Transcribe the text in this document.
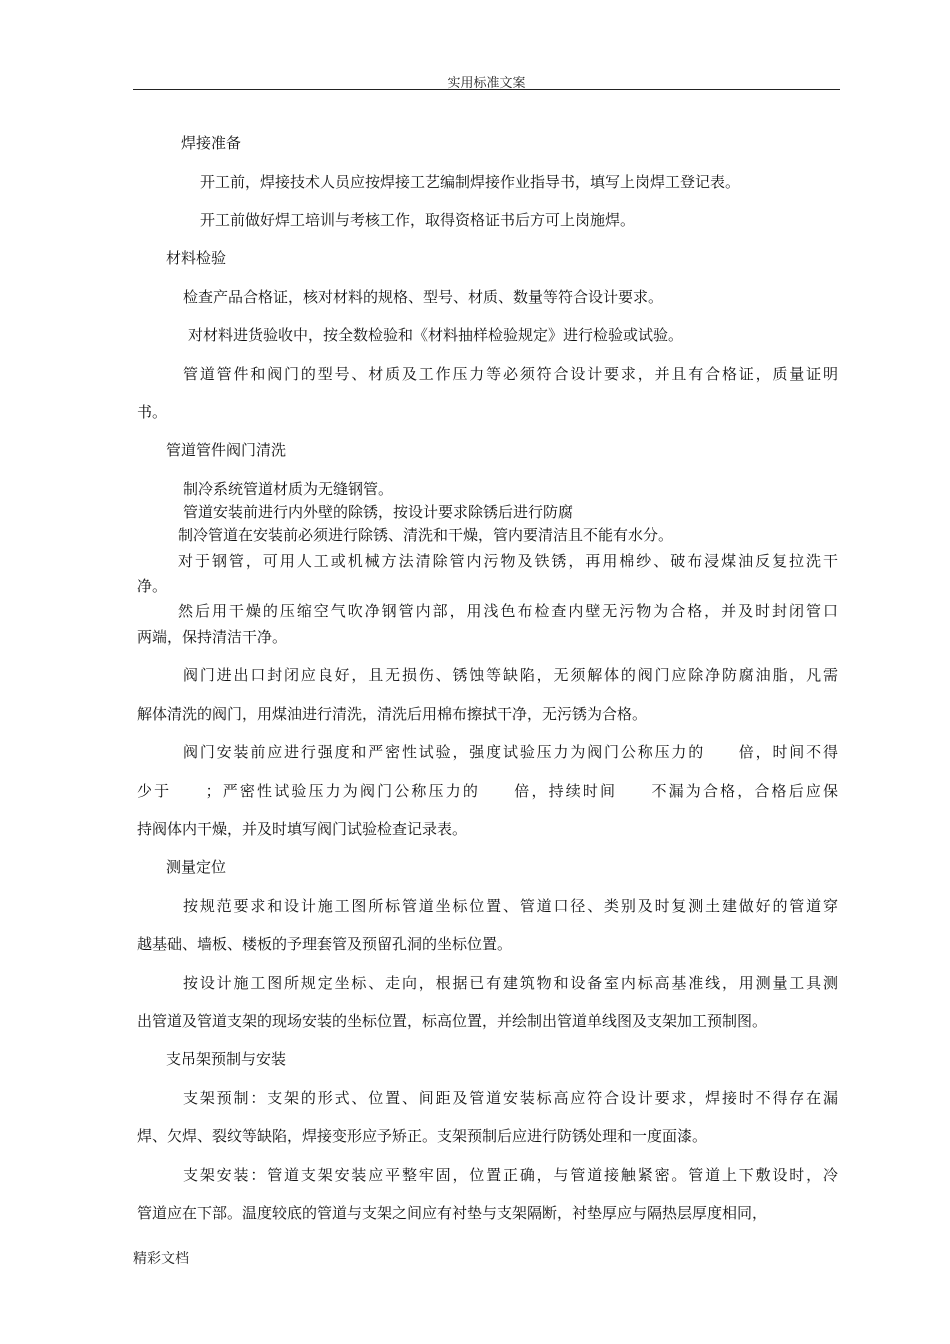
实用标准文案
焊接准备
开工前，焊接技术人员应按焊接工艺编制焊接作业指导书，填写上岗焊工登记表。
开工前做好焊工培训与考核工作，取得资格证书后方可上岗施焊。
材料检验
检查产品合格证，核对材料的规格、型号、材质、数量等符合设计要求。
对材料进货验收中，按全数检验和《材料抽样检验规定》进行检验或试验。
管道管件和阀门的型号、材质及工作压力等必须符合设计要求，并且有合格证，质量证明
书。
管道管件阀门清洗
制冷系统管道材质为无缝钢管。
管道安装前进行内外壁的除锈，按设计要求除锈后进行防腐
制冷管道在安装前必须进行除锈、清洗和干燥，管内要清洁且不能有水分。
对于钢管，可用人工或机械方法清除管内污物及铁锈，再用棉纱、破布浸煤油反复拉洗干
净。
然后用干燥的压缩空气吹净钢管内部，用浅色布检查内壁无污物为合格，并及时封闭管口
两端，保持清洁干净。
阀门进出口封闭应良好，且无损伤、锈蚀等缺陷，无须解体的阀门应除净防腐油脂，凡需
解体清洗的阀门，用煤油进行清洗，清洗后用棉布擦拭干净，无污锈为合格。
阀门安装前应进行强度和严密性试验，强度试验压力为阀门公称压力的　　倍，时间不得
少于　　；严密性试验压力为阀门公称压力的　　倍，持续时间　　不漏为合格，合格后应保
持阀体内干燥，并及时填写阀门试验检查记录表。
测量定位
按规范要求和设计施工图所标管道坐标位置、管道口径、类别及时复测土建做好的管道穿
越基础、墙板、楼板的予理套管及预留孔洞的坐标位置。
按设计施工图所规定坐标、走向，根据已有建筑物和设备室内标高基准线，用测量工具测
出管道及管道支架的现场安装的坐标位置，标高位置，并绘制出管道单线图及支架加工预制图。
支吊架预制与安装
支架预制：支架的形式、位置、间距及管道安装标高应符合设计要求，焊接时不得存在漏
焊、欠焊、裂纹等缺陷，焊接变形应予矫正。支架预制后应进行防锈处理和一度面漆。
支架安装：管道支架安装应平整牢固，位置正确，与管道接触紧密。管道上下敷设时，冷
管道应在下部。温度较底的管道与支架之间应有衬垫与支架隔断，衬垫厚应与隔热层厚度相同，
精彩文档
